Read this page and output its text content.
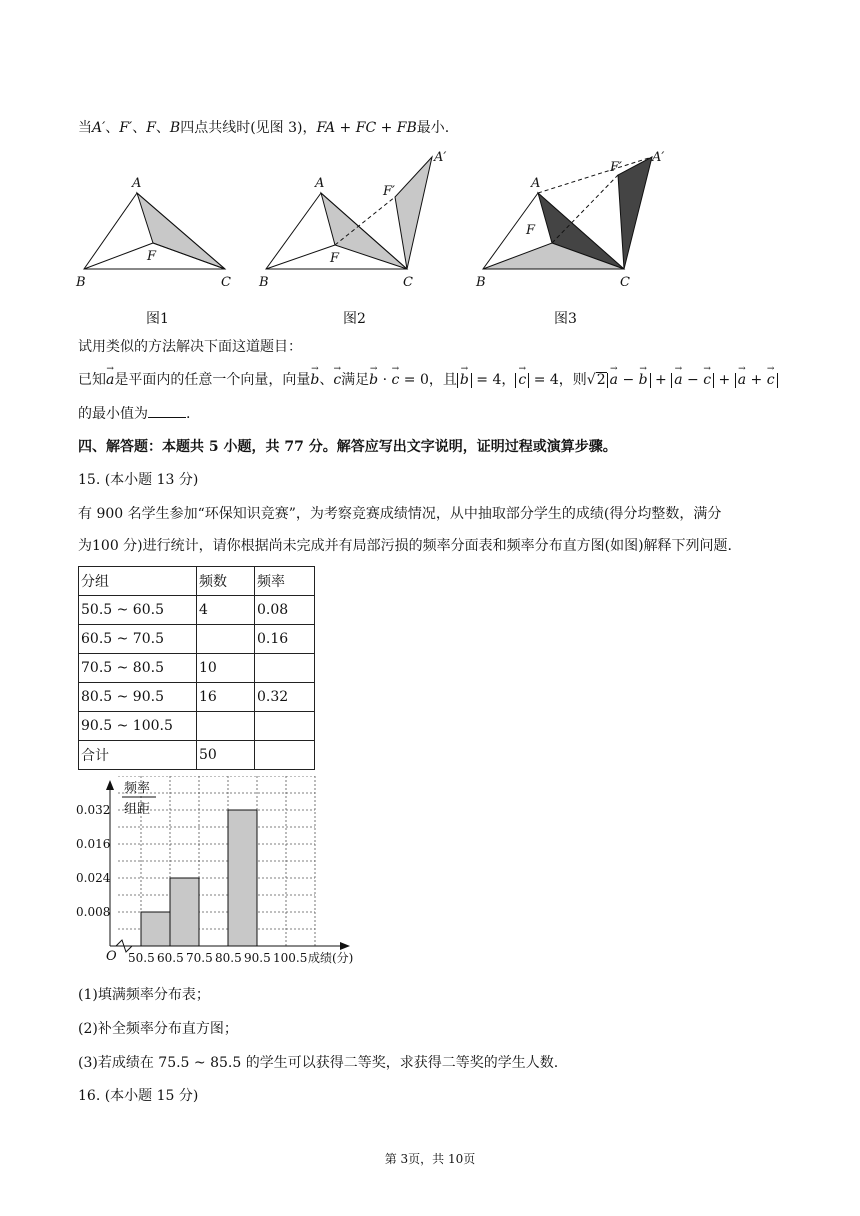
当A′、F′、F、B四点共线时(见图 3)，FA + FC + FB最小.
A
B	C
F
A
B	C
F
F′
A′
A
B	C
F
F′
A′
图1	图2	图3
试用类似的方法解决下面这道题目：
已知→ a是平面内的任意一个向量，向量→ b、→ c满足→ b · → c = 0，且 → b = 4， → c = 4，则√2 → a − → b + → a − → c + → a + → c
的最小值为	.
四、解答题：本题共 5 小题，共 77 分。解答应写出文字说明，证明过程或演算步骤。
15. (本小题 13 分)
有 900 名学生参加“环保知识竞赛”，为考察竞赛成绩情况，从中抽取部分学生的成绩(得分均整数，满分
为100 分)进行统计，请你根据尚未完成并有局部污损的频率分面表和频率分布直方图(如图)解释下列问题.
分组	频数	频率
50.5 ~ 60.5	4	0.08
60.5 ~ 70.5		0.16
70.5 ~ 80.5	10	
80.5 ~ 90.5	16	0.32
90.5 ~ 100.5		
合计	50	
频率
组距
0.008
0.024
0.016
0.032
O 50.5 60.5 70.5 80.5 90.5 100.5 成绩(分)
(1)填满频率分布表；
(2)补全频率分布直方图；
(3)若成绩在 75.5 ~ 85.5 的学生可以获得二等奖，求获得二等奖的学生人数.
16. (本小题 15 分)
第 3页，共 10页
